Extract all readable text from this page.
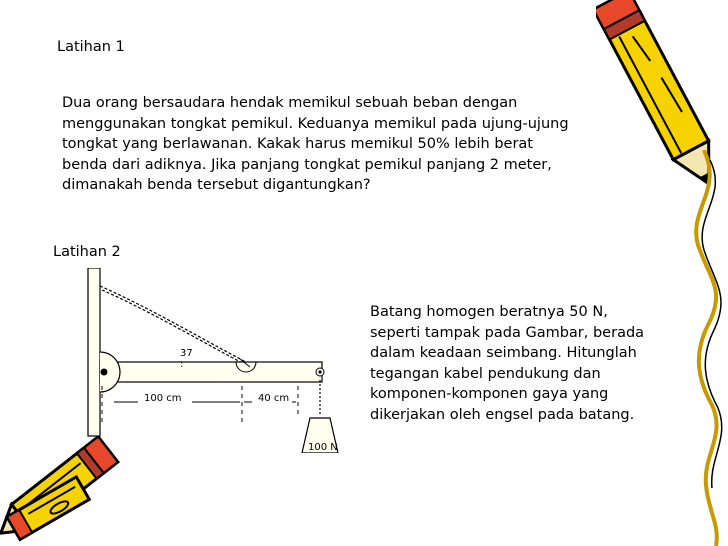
Latihan 1
Dua orang bersaudara hendak memikul sebuah beban dengan
menggunakan tongkat pemikul. Keduanya memikul pada ujung-ujung
tongkat yang berlawanan. Kakak harus memikul 50% lebih berat
benda dari adiknya. Jika panjang tongkat pemikul panjang 2 meter,
dimanakah benda tersebut digantungkan?
Latihan 2
37
:
100 N
100 cm	40 cm
Batang homogen beratnya 50 N,
seperti tampak pada Gambar, berada
dalam keadaan seimbang. Hitunglah
tegangan kabel pendukung dan
komponen-komponen gaya yang
dikerjakan oleh engsel pada batang.
